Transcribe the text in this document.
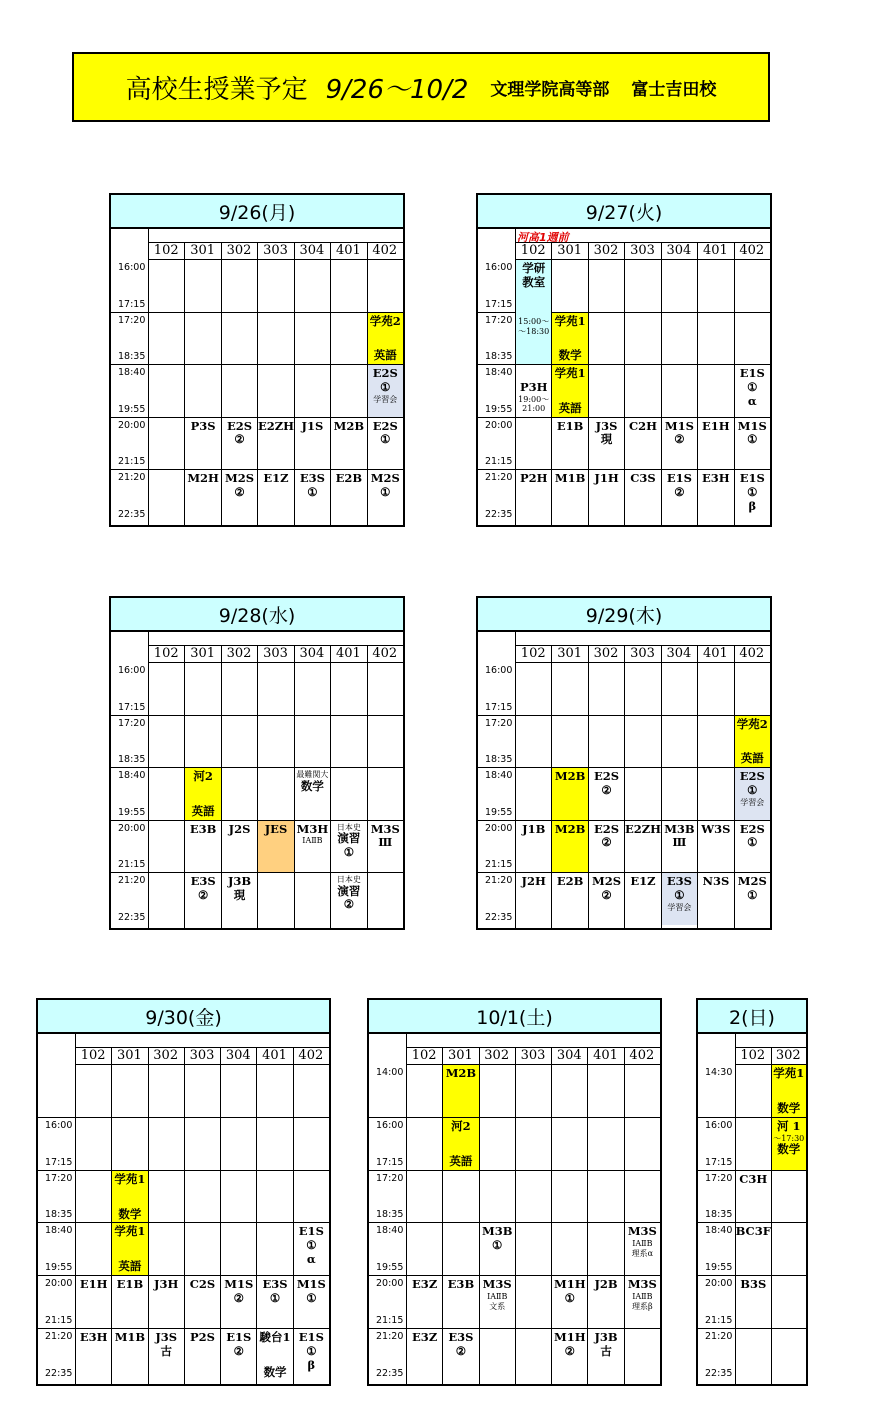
高校生授業予定 9/26〜10/2 文理学院高等部 富士吉田校
9/26(月)
102 301 302 303 304 401 402
16:00
17:15
17:20
18:35
18:40
19:55
20:00
21:15
21:20
22:35
学苑2
英語
E2S
①
学習会
P3S E2S
②
E2ZH J1S M2B E2S
①
M2H M2S
②
E1Z E3S
①
E2B M2S
①
9/27(火)
河高1週前
102 301 302 303 304 401 402
16:00
17:15
17:20
18:35
18:40
19:55
20:00
21:15
21:20
22:35
学研
教室

15:00〜
〜18:30
学苑1
数学
学苑1
英語

P3H
19:00〜
21:00
E1S
①
α
E1B J3S
現
C2H M1S
②
E1H M1S
①
P2H M1B J1H C3S E1S
②
E3H E1S
①
β
9/28(水)
102 301 302 303 304 401 402
16:00
17:15
17:20
18:35
18:40
19:55
20:00
21:15
21:20
22:35
河2
英語
最難関大
数学
E3B J2S JES M3H
ⅠAⅡB
日本史
演習
①
M3S
Ⅲ
E3S
②
J3B
現
日本史
演習
②
9/29(木)
102 301 302 303 304 401 402
16:00
17:15
17:20
18:35
18:40
19:55
20:00
21:15
21:20
22:35
学苑2
英語
M2B E2S
②
E2S
①
学習会
J1B M2B E2S
②
E2ZH M3B
Ⅲ
W3S E2S
①
J2H E2B M2S
②
E1Z E3S
①
学習会
N3S M2S
①
9/30(金)
102 301 302 303 304 401 402
16:00
17:15
17:20
18:35
18:40
19:55
20:00
21:15
21:20
22:35
学苑1
数学
学苑1
英語
E1S
①
α
E1H E1B J3H C2S M1S
②
E3S
①
M1S
①
E3H M1B J3S
古
P2S E1S
②
駿台1
数学
E1S
①
β
10/1(土)
102 301 302 303 304 401 402
14:00
16:00
17:15
17:20
18:35
18:40
19:55
20:00
21:15
21:20
22:35
M2B
河2
英語
M3B
①
M3S
ⅠAⅡB
理系α
E3Z E3B M3S
ⅠAⅡB
文系
M1H
①
J2B M3S
ⅠAⅡB
理系β
E3Z E3S
②
M1H
②
J3B
古
2(日)
102 302
14:30
16:00
17:15
17:20
18:35
18:40
19:55
20:00
21:15
21:20
22:35
学苑1
数学
河 1
〜17:30
数学
C3H
BC3F
B3S
